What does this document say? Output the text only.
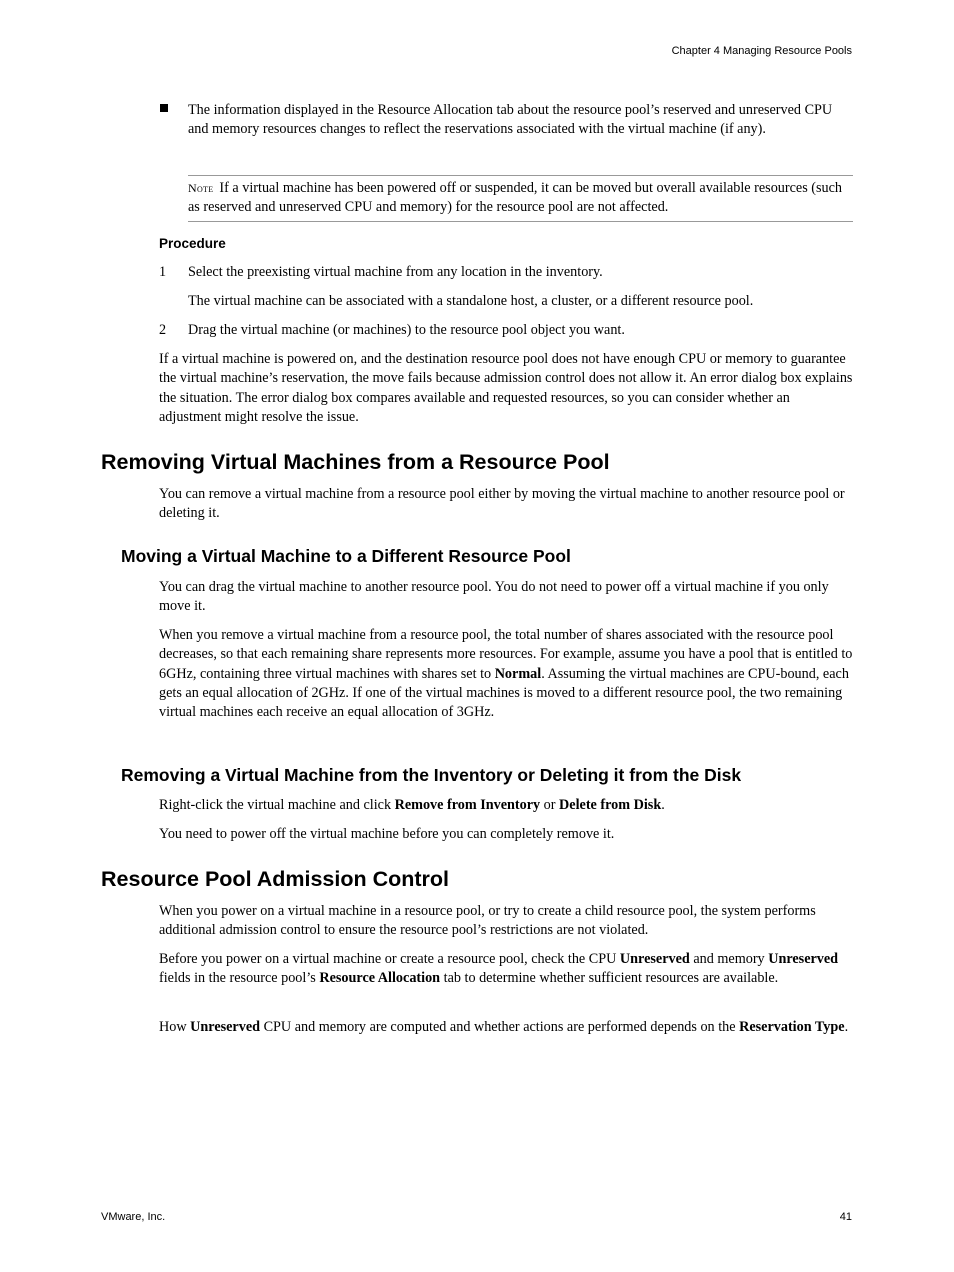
Chapter 4 Managing Resource Pools
The information displayed in the Resource Allocation tab about the resource pool’s reserved and unreserved CPU and memory resources changes to reflect the reservations associated with the virtual machine (if any).
Note If a virtual machine has been powered off or suspended, it can be moved but overall available resources (such as reserved and unreserved CPU and memory) for the resource pool are not affected.
Procedure
1 Select the preexisting virtual machine from any location in the inventory.
The virtual machine can be associated with a standalone host, a cluster, or a different resource pool.
2 Drag the virtual machine (or machines) to the resource pool object you want.
If a virtual machine is powered on, and the destination resource pool does not have enough CPU or memory to guarantee the virtual machine’s reservation, the move fails because admission control does not allow it. An error dialog box explains the situation. The error dialog box compares available and requested resources, so you can consider whether an adjustment might resolve the issue.
Removing Virtual Machines from a Resource Pool
You can remove a virtual machine from a resource pool either by moving the virtual machine to another resource pool or deleting it.
Moving a Virtual Machine to a Different Resource Pool
You can drag the virtual machine to another resource pool. You do not need to power off a virtual machine if you only move it.
When you remove a virtual machine from a resource pool, the total number of shares associated with the resource pool decreases, so that each remaining share represents more resources. For example, assume you have a pool that is entitled to 6GHz, containing three virtual machines with shares set to Normal. Assuming the virtual machines are CPU-bound, each gets an equal allocation of 2GHz. If one of the virtual machines is moved to a different resource pool, the two remaining virtual machines each receive an equal allocation of 3GHz.
Removing a Virtual Machine from the Inventory or Deleting it from the Disk
Right-click the virtual machine and click Remove from Inventory or Delete from Disk.
You need to power off the virtual machine before you can completely remove it.
Resource Pool Admission Control
When you power on a virtual machine in a resource pool, or try to create a child resource pool, the system performs additional admission control to ensure the resource pool’s restrictions are not violated.
Before you power on a virtual machine or create a resource pool, check the CPU Unreserved and memory Unreserved fields in the resource pool’s Resource Allocation tab to determine whether sufficient resources are available.
How Unreserved CPU and memory are computed and whether actions are performed depends on the Reservation Type.
VMware, Inc.	41
